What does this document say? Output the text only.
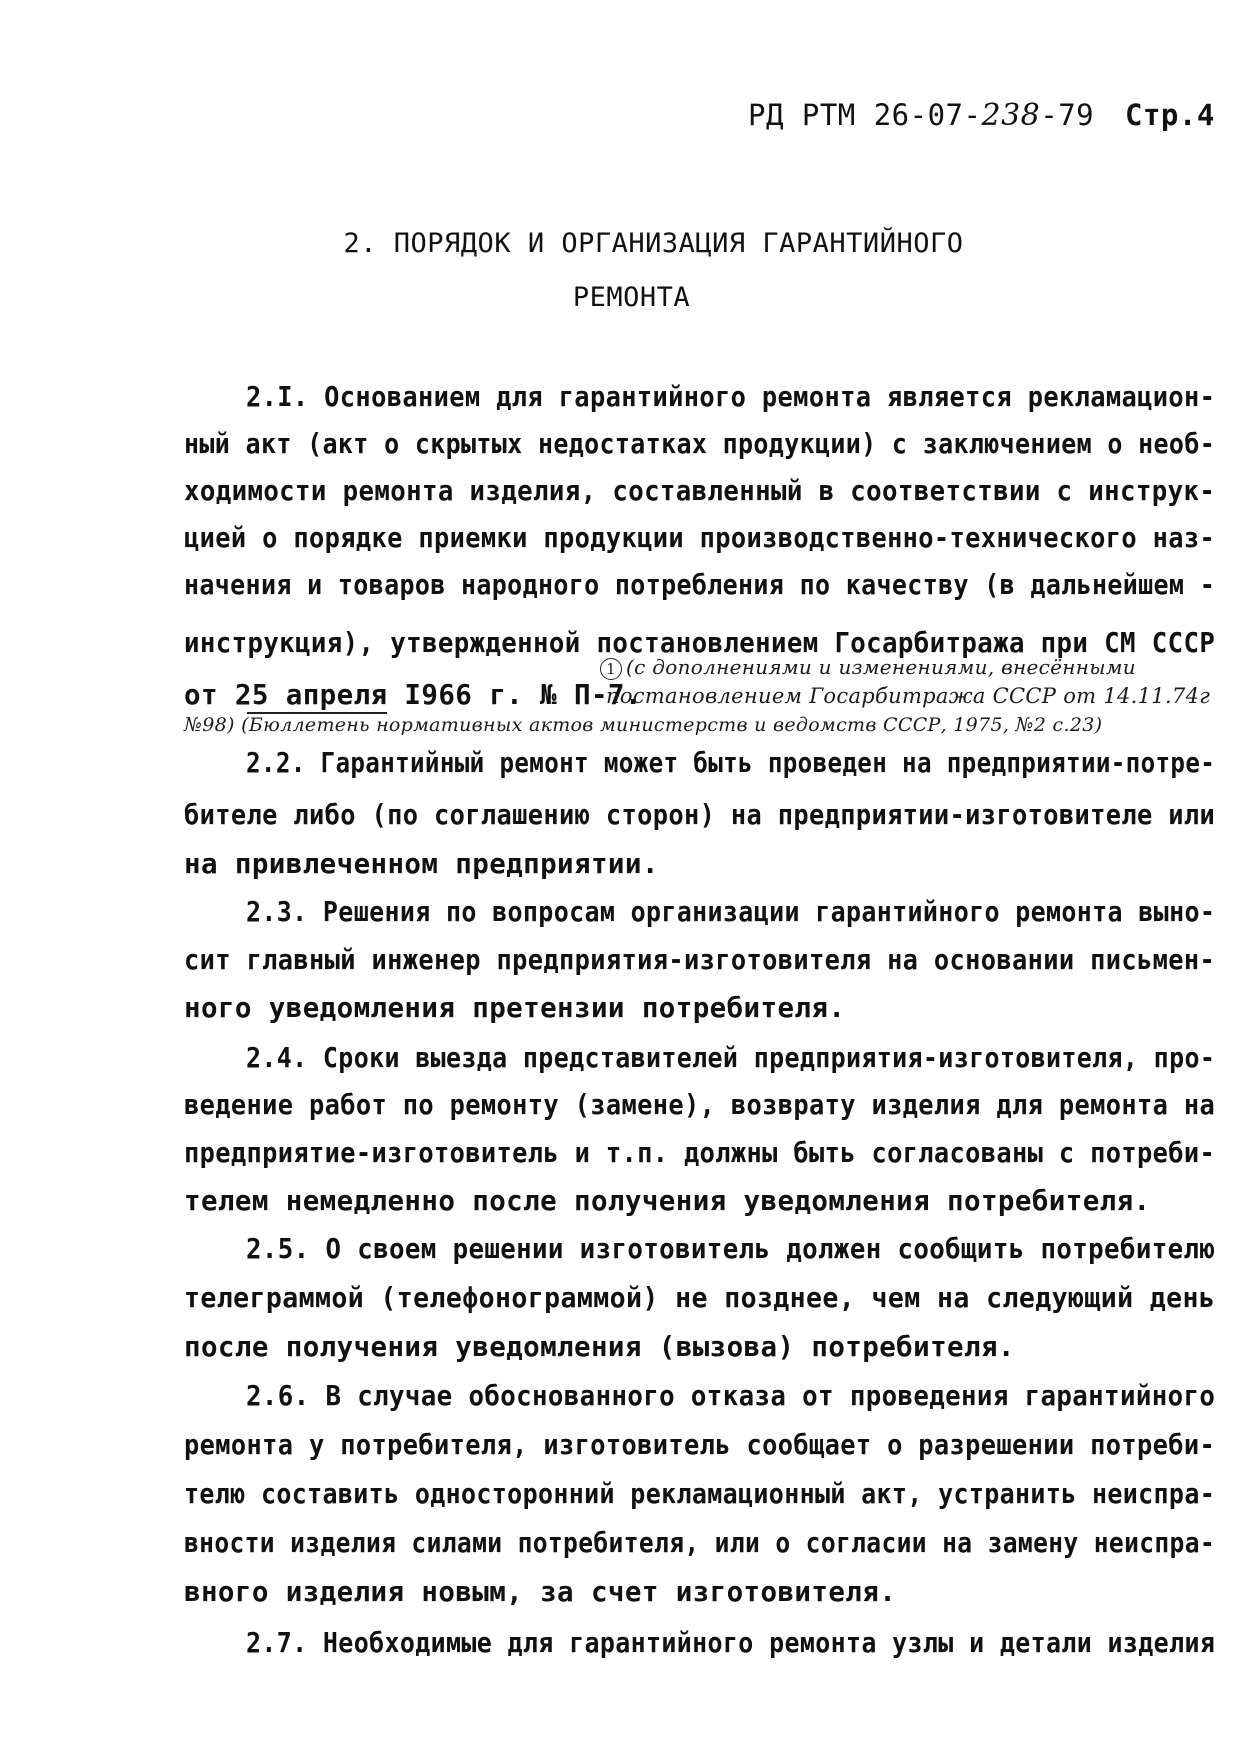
РД РТМ 26-07-238-79 Стр.4
2. ПОРЯДОК И ОРГАНИЗАЦИЯ ГАРАНТИЙНОГО
РЕМОНТА
2.I. Основанием для гарантийного ремонта является рекламацион-
ный акт (акт о скрытых недостатках продукции) с заключением о необ-
ходимости ремонта изделия, составленный в соответствии с инструк-
цией о порядке приемки продукции производственно-технического наз-
начения и товаров народного потребления по качеству (в дальнейшем -
инструкция), утвержденной постановлением Госарбитража при СМ СССР
1 (с дополнениями и изменениями, внесёнными
от 25 апреля I966 г. № П-7.
постановлением Госарбитража СССР от 14.11.74г
№98) (Бюллетень нормативных актов министерств и ведомств СССР, 1975, №2 с.23)
2.2. Гарантийный ремонт может быть проведен на предприятии-потре-
бителе либо (по соглашению сторон) на предприятии-изготовителе или
на привлеченном предприятии.
2.3. Решения по вопросам организации гарантийного ремонта выно-
сит главный инженер предприятия-изготовителя на основании письмен-
ного уведомления претензии потребителя.
2.4. Сроки выезда представителей предприятия-изготовителя, про-
ведение работ по ремонту (замене), возврату изделия для ремонта на
предприятие-изготовитель и т.п. должны быть согласованы с потреби-
телем немедленно после получения уведомления потребителя.
2.5. О своем решении изготовитель должен сообщить потребителю
телеграммой (телефонограммой) не позднее, чем на следующий день
после получения уведомления (вызова) потребителя.
2.6. В случае обоснованного отказа от проведения гарантийного
ремонта у потребителя, изготовитель сообщает о разрешении потреби-
телю составить односторонний рекламационный акт, устранить неиспра-
вности изделия силами потребителя, или о согласии на замену неиспра-
вного изделия новым, за счет изготовителя.
2.7. Необходимые для гарантийного ремонта узлы и детали изделия
